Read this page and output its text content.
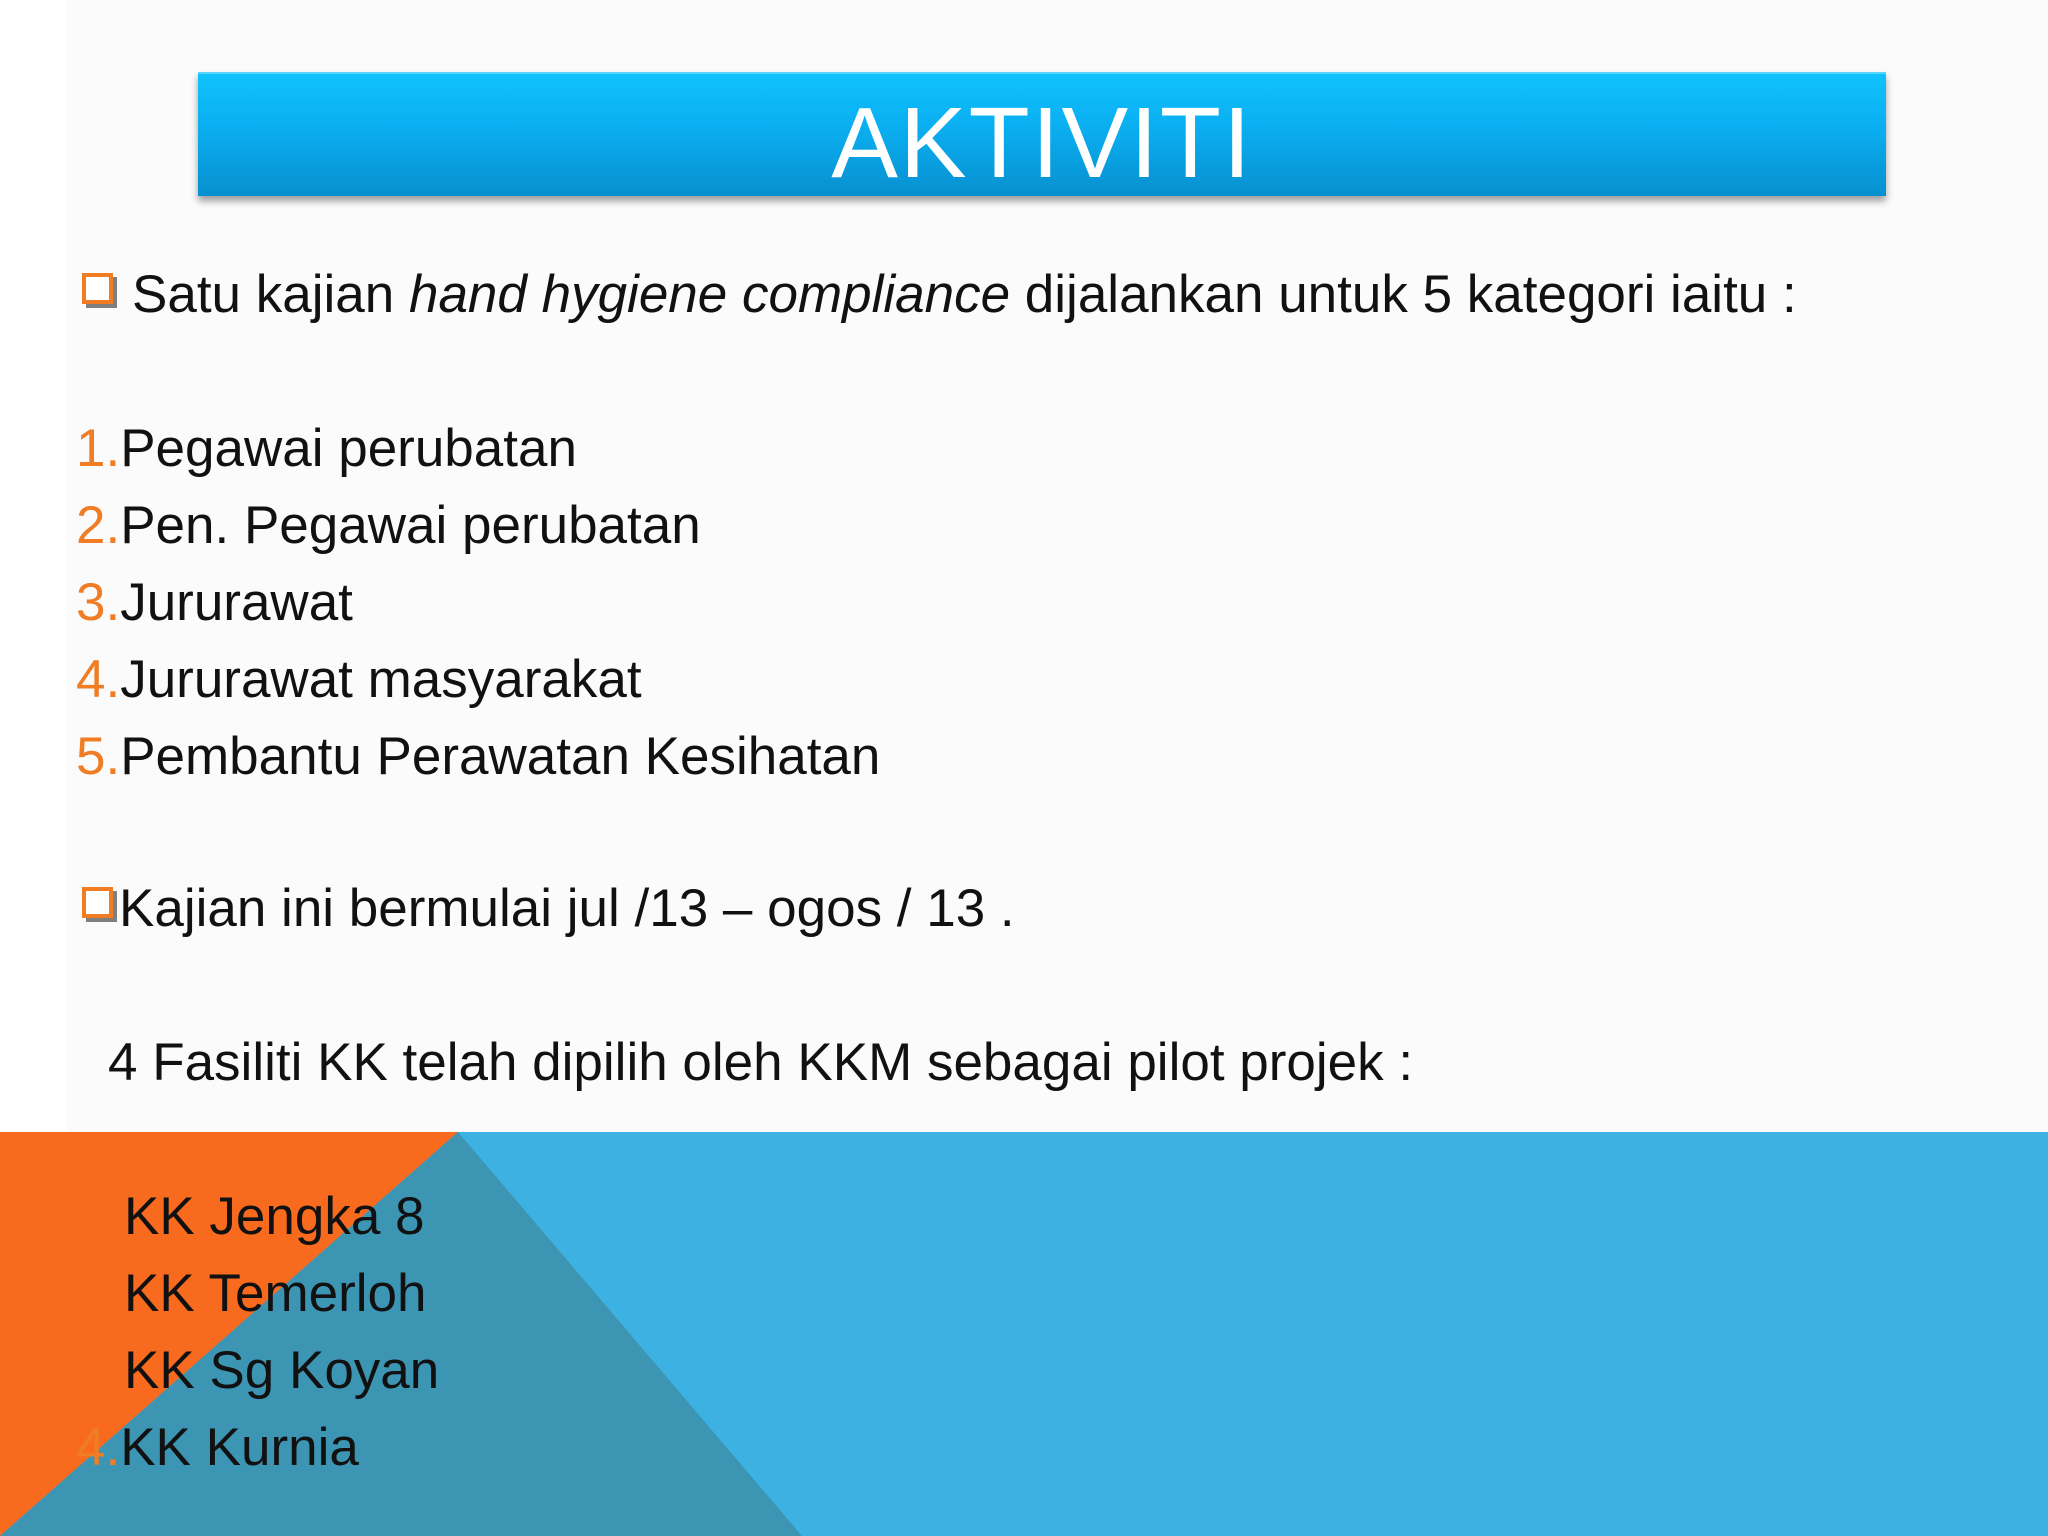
AKTIVITI
Satu kajian hand hygiene compliance dijalankan untuk 5 kategori iaitu :
1.Pegawai perubatan
2.Pen. Pegawai perubatan
3.Jururawat
4.Jururawat masyarakat
5.Pembantu Perawatan Kesihatan
Kajian ini bermulai jul /13 – ogos / 13 .
4 Fasiliti KK telah dipilih oleh KKM sebagai pilot projek :
KK Jengka 8
KK Temerloh
KK Sg Koyan
4.KK Kurnia
